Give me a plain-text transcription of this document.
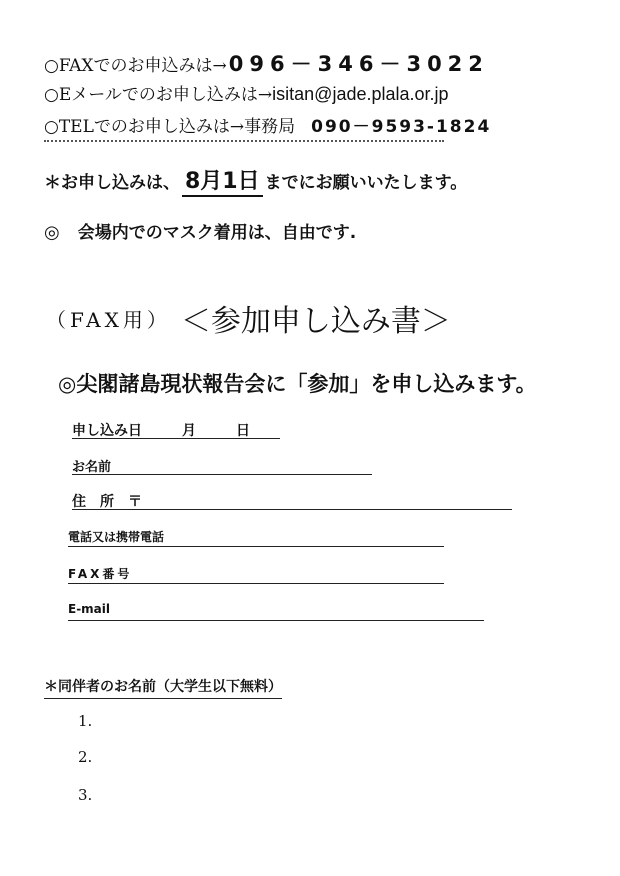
○FAXでのお申込みは→096－346－3022
○Eメールでのお申し込みは→isitan@jade.plala.or.jp
○TELでのお申し込みは→事務局 090－9593-1824
＊お申し込みは、 8月1日 までにお願いいたします。
◎ 会場内でのマスク着用は、自由です.
（FAX用） ＜参加申し込み書＞
◎尖閣諸島現状報告会に「参加」を申し込みます。
申し込み日	月	日
お名前
住　所 〒
電話又は携帯電話
FAX番号
E-mail
＊同伴者のお名前（大学生以下無料）
1.
2.
3.
